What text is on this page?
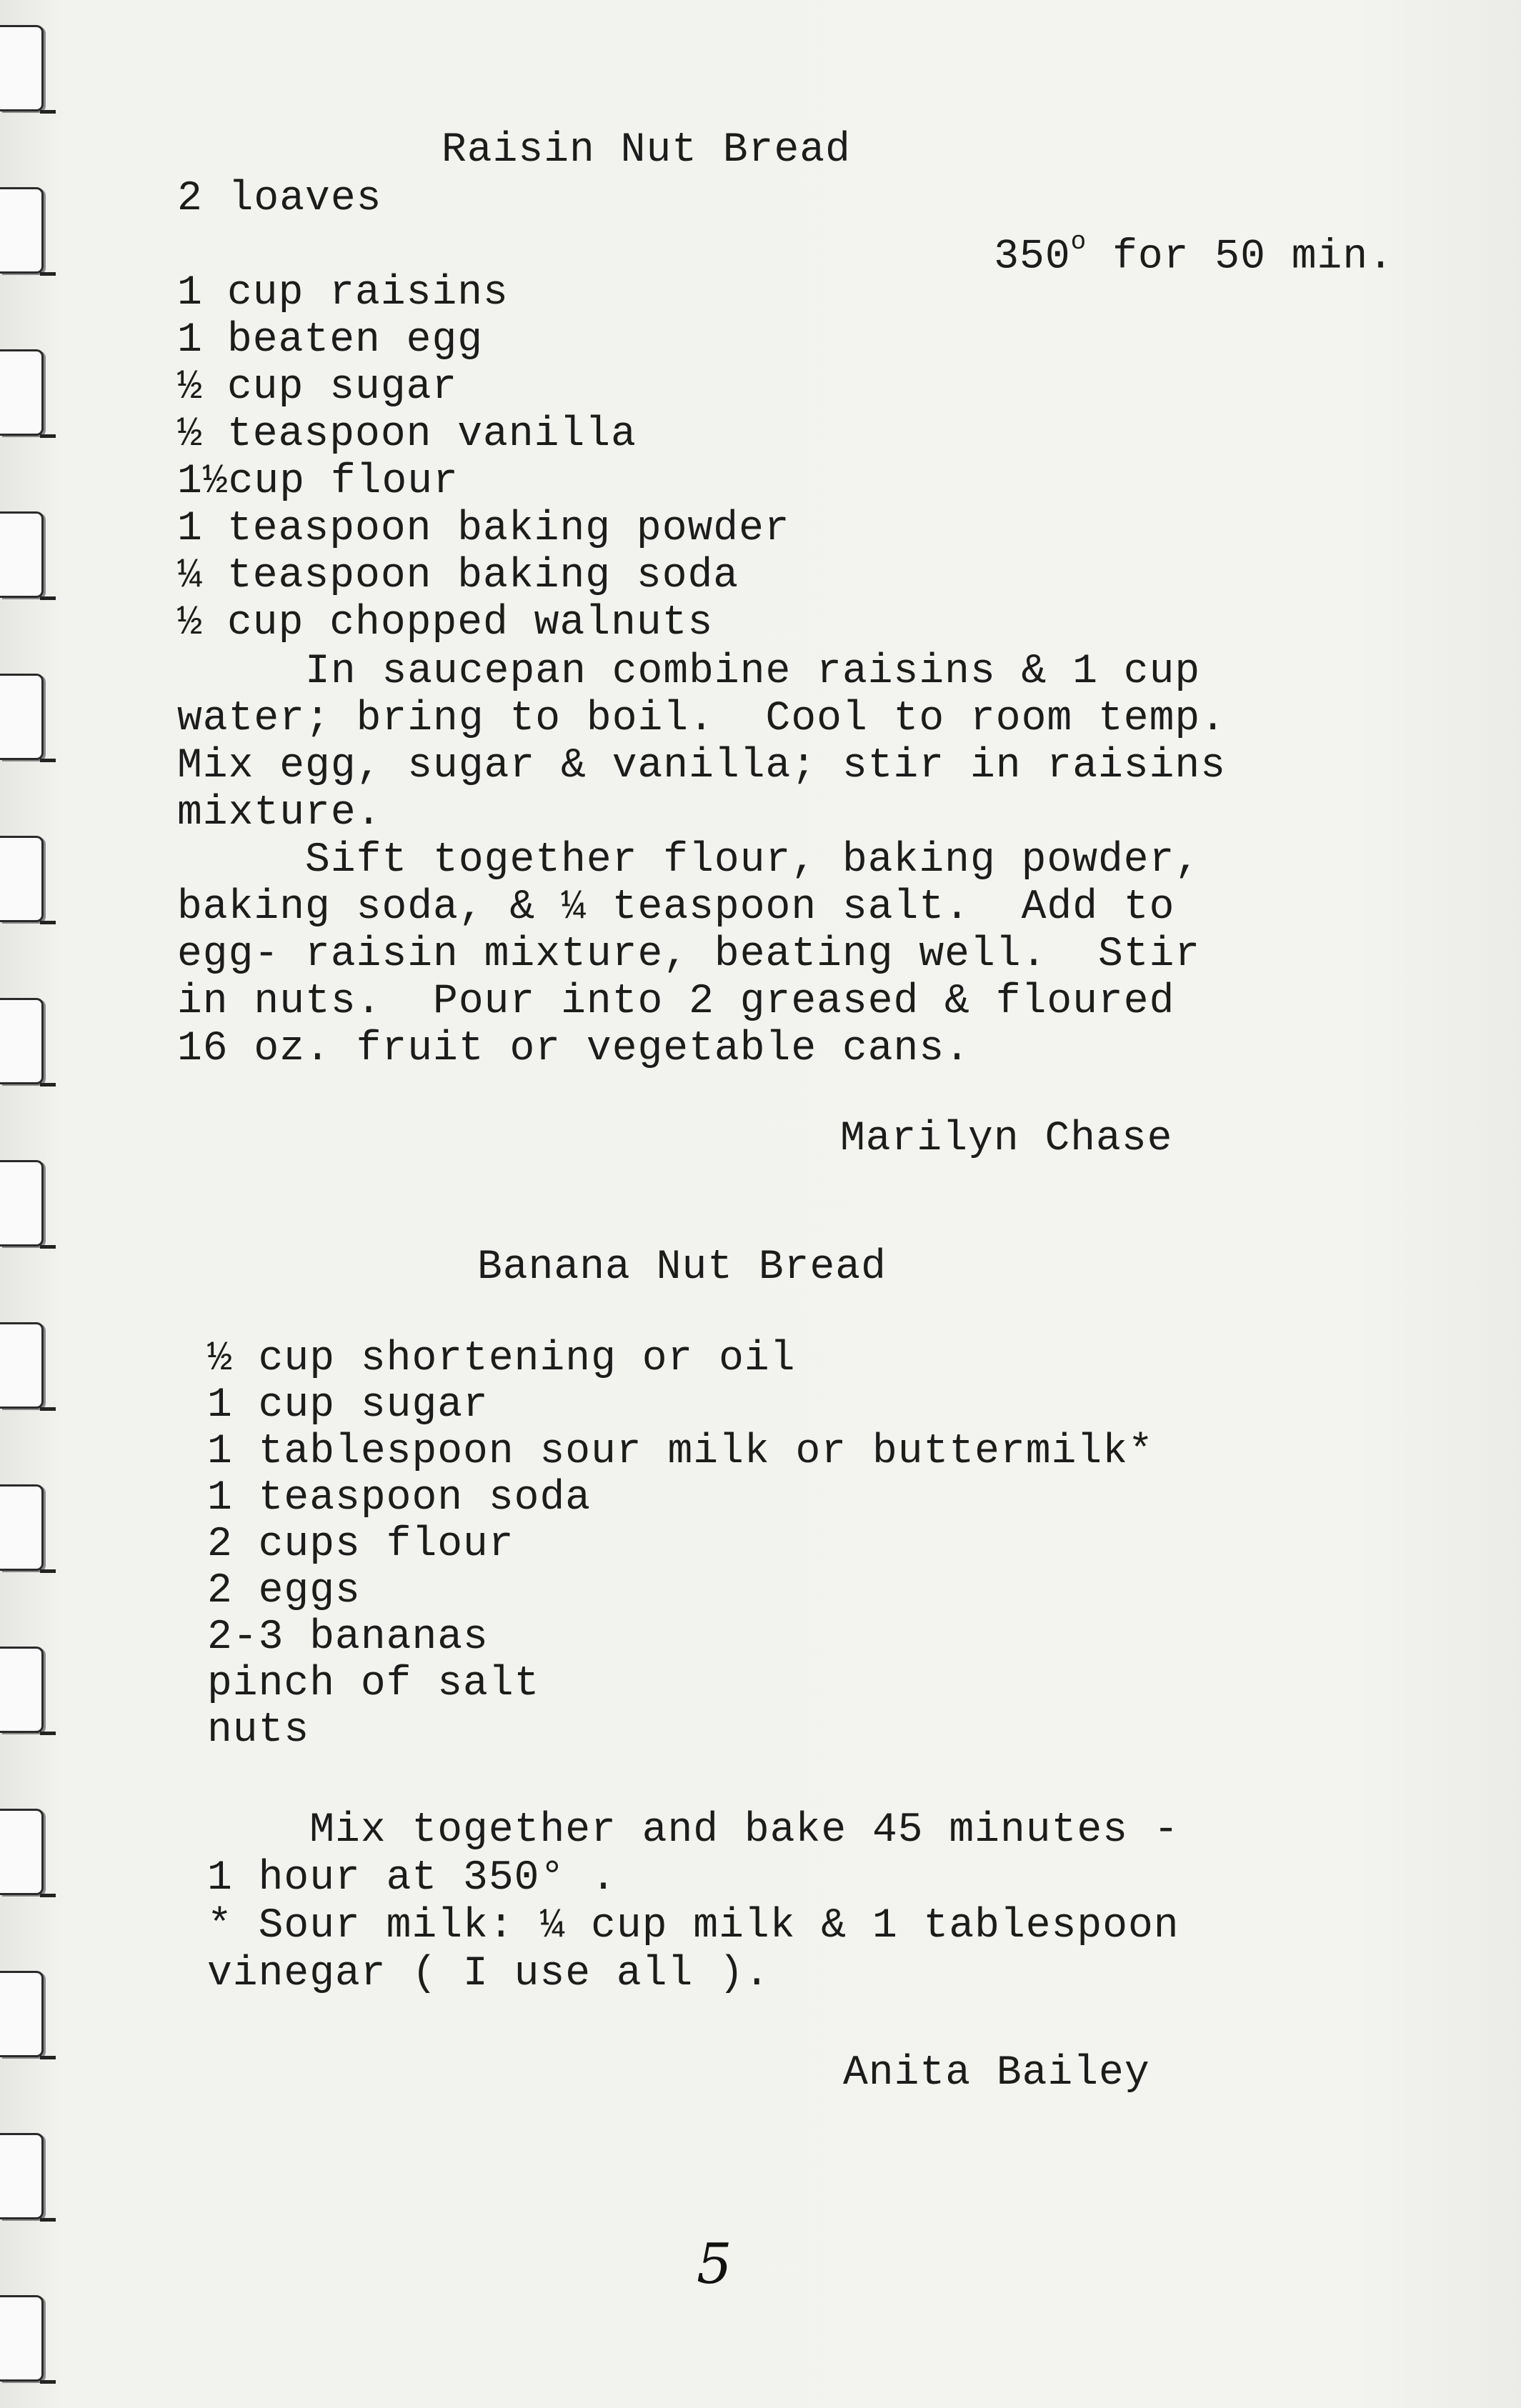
Raisin Nut Bread
2 loaves

350$^o$ for 50 min.

1 cup raisins
1 beaten egg
½ cup sugar
½ teaspoon vanilla
1½cup flour
1 teaspoon baking powder
¼ teaspoon baking soda
½ cup chopped walnuts
In saucepan combine raisins & 1 cup
water; bring to boil.  Cool to room temp.
Mix egg, sugar & vanilla; stir in raisins
mixture.
Sift together flour, baking powder,
baking soda, & ¼ teaspoon salt.  Add to
egg- raisin mixture, beating well.  Stir
in nuts.  Pour into 2 greased & floured
16 oz. fruit or vegetable cans.
Marilyn Chase
Banana Nut Bread
½ cup shortening or oil
1 cup sugar
1 tablespoon sour milk or buttermilk*
1 teaspoon soda
2 cups flour
2 eggs
2-3 bananas
pinch of salt
nuts
Mix together and bake 45 minutes -
1 hour at 350° .
* Sour milk: ¼ cup milk & 1 tablespoon
vinegar ( I use all ).
Anita Bailey
5
